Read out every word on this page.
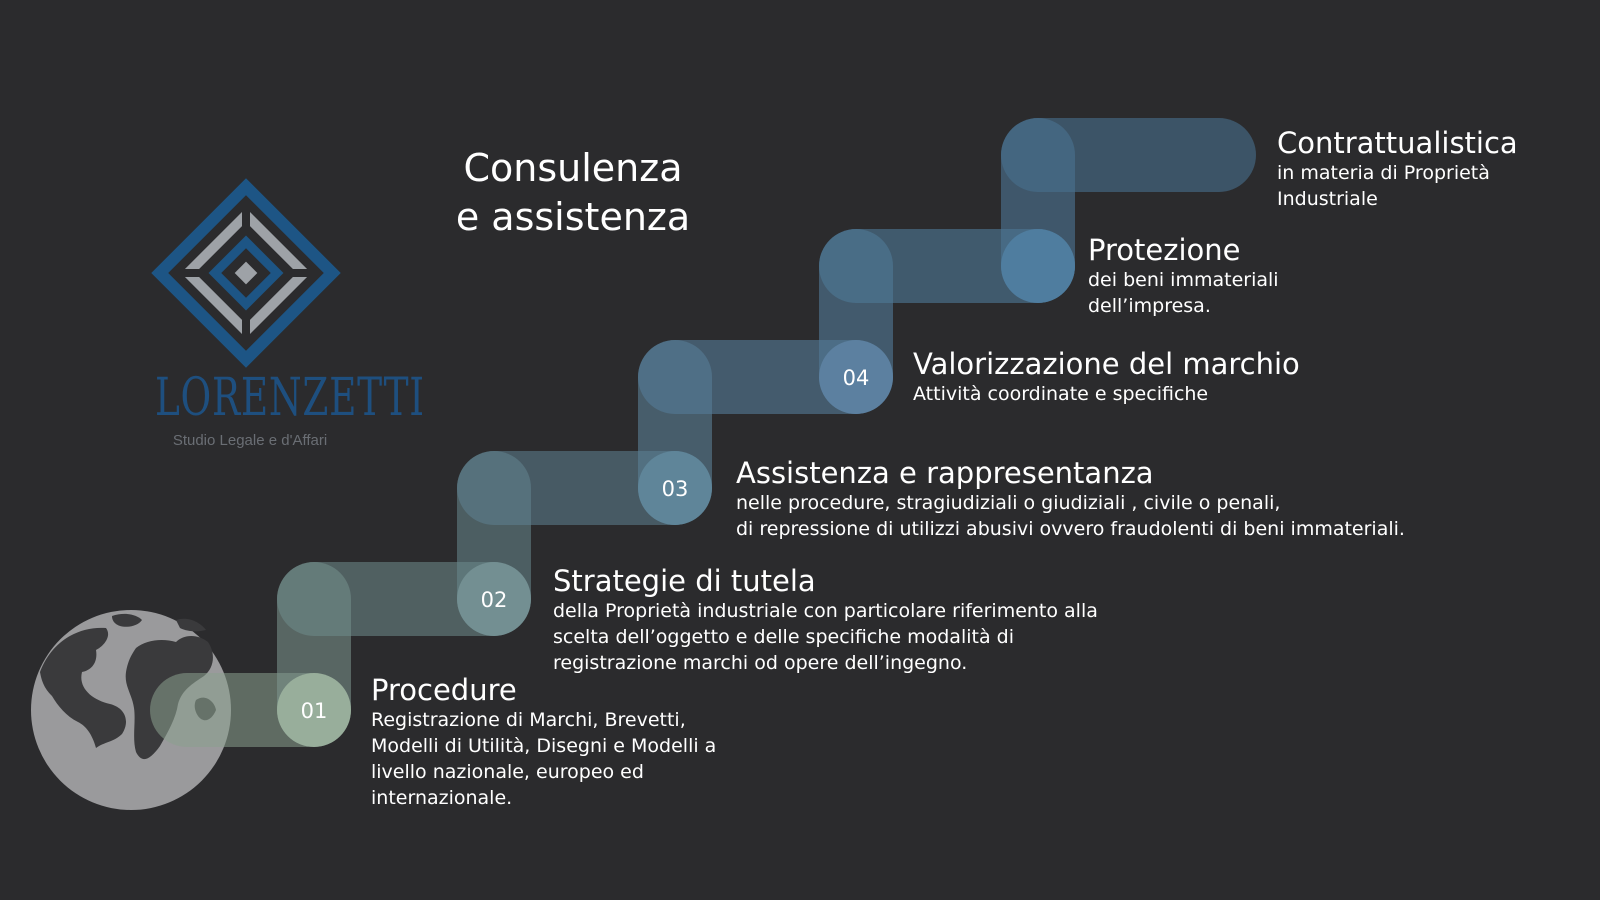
01
02
03
04
LORENZETTI
Studio Legale e d'Affari
Consulenza
e assistenza
Procedure
Registrazione di Marchi, Brevetti,
Modelli di Utilità, Disegni e Modelli a
livello nazionale, europeo ed
internazionale.
Strategie di tutela
della Proprietà industriale con particolare riferimento alla
scelta dell’oggetto e delle specifiche modalità di
registrazione marchi od opere dell’ingegno.
Assistenza e rappresentanza
nelle procedure, stragiudiziali o giudiziali , civile o penali,
di repressione di utilizzi abusivi ovvero fraudolenti di beni immateriali.
Valorizzazione del marchio
Attività coordinate e specifiche
Protezione
dei beni immateriali
dell’impresa.
Contrattualistica
in materia di Proprietà
Industriale
